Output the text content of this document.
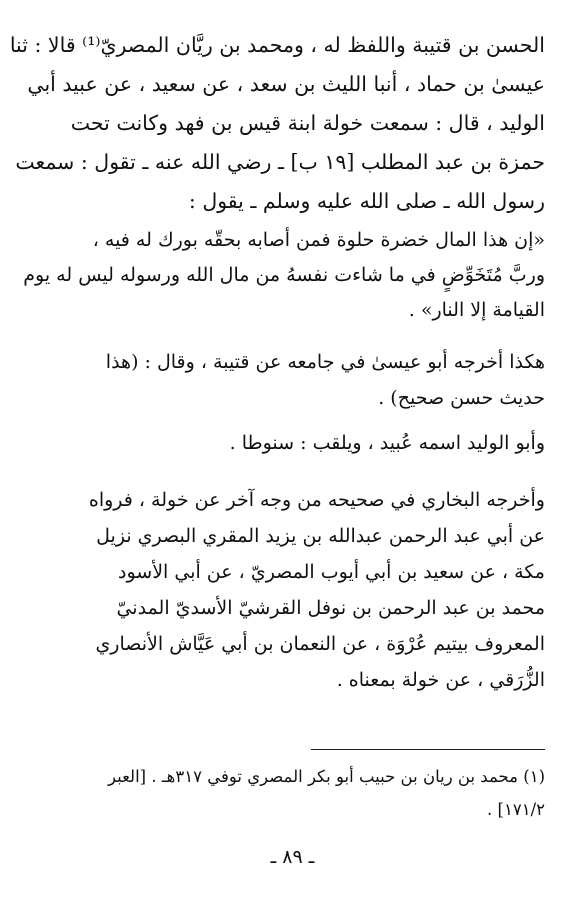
الحسن بن قتيبة واللفظ له ، ومحمد بن ريَّان المصريّ⁽¹⁾ قالا : ثنا
عيسىٰ بن حماد ، أنبا الليث بن سعد ، عن سعيد ، عن عبيد أبي
الوليد ، قال : سمعت خولة ابنة قيس بن فهد وكانت تحت
حمزة بن عبد المطلب [١٩ ب] ـ رضي الله عنه ـ تقول : سمعت
رسول الله ـ صلى الله عليه وسلم ـ يقول :
«إن هذا المال خضرة حلوة فمن أصابه بحقّه بورك له فيه ،
وربَّ مُتَخَوِّضٍ في ما شاءت نفسهُ من مال الله ورسوله ليس له يوم
القيامة إلا النار» .
هكذا أخرجه أبو عيسىٰ في جامعه عن قتيبة ، وقال : (هذا
حديث حسن صحيح) .
وأبو الوليد اسمه عُبيد ، ويلقب : سنوطا .
وأخرجه البخاري في صحيحه من وجه آخر عن خولة ، فرواه
عن أبي عبد الرحمن عبدالله بن يزيد المقري البصري نزيل
مكة ، عن سعيد بن أبي أيوب المصريّ ، عن أبي الأسود
محمد بن عبد الرحمن بن نوفل القرشيّ الأسديّ المدنيّ
المعروف بيتيم عُرْوَة ، عن النعمان بن أبي عَيَّاش الأنصاري
الزُّرَقي ، عن خولة بمعناه .
(١) محمد بن ريان بن حبيب أبو بكر المصري توفي ٣١٧هـ . [العبر
١٧١/٢] .
ـ ٨٩ ـ
